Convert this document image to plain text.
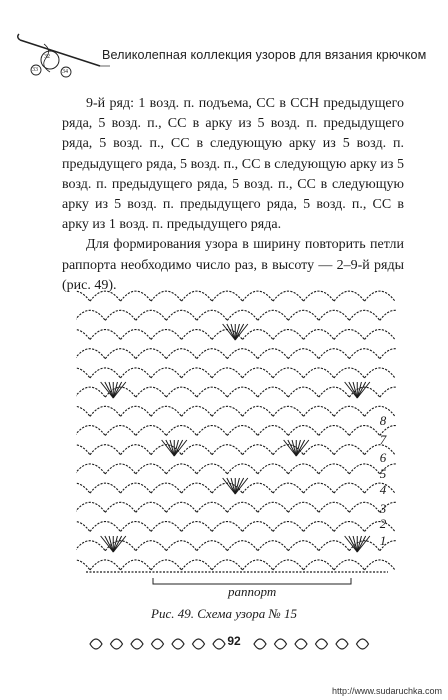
32
33	34
Великолепная коллекция узоров для вязания крючком

9-й ряд: 1 возд. п. подъема, СС в ССН предыдущего ряда, 5 возд. п., СС в арку из 5 возд. п. предыдущего ряда, 5 возд. п., СС в следующую арку из 5 возд. п. предыдущего ряда, 5 возд. п., СС в следующую арку из 5 возд. п. предыдущего ряда, 5 возд. п., СС в следующую арку из 5 возд. п. предыдущего ряда, 5 возд. п., СС в арку из 1 возд. п. предыдущего ряда.

Для формирования узора в ширину повторить петли раппорта необходимо число раз, в высоту — 2–9-й ряды (рис. 49).

8
7
6
5
4
3
2
1
раппорт
Рис. 49. Схема узора № 15
92
http://www.sudaruchka.com
